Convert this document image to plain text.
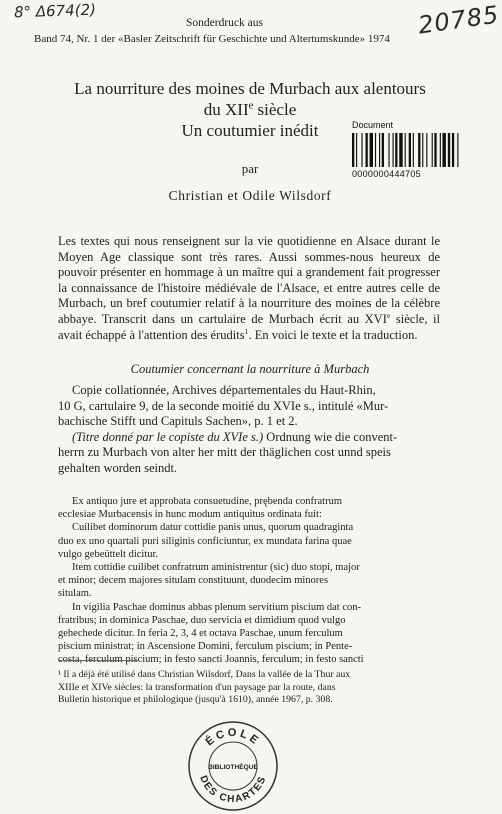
8° Δ674(2)	20785
Sonderdruck aus
Band 74, Nr. 1 der «Basler Zeitschrift für Geschichte und Altertumskunde» 1974
La nourriture des moines de Murbach aux alentours
du XIIe siècle
Un coutumier inédit
par
Christian et Odile Wilsdorf
Document
0000000444705

Les textes qui nous renseignent sur la vie quotidienne en Alsace durant le Moyen Age classique sont très rares. Aussi sommes-nous heureux de pouvoir présenter en hommage à un maître qui a grandement fait progresser la connaissance de l'histoire médiévale de l'Alsace, et entre autres celle de Murbach, un bref coutumier relatif à la nourriture des moines de la célèbre abbaye. Transcrit dans un cartulaire de Murbach écrit au XVIe siècle, il avait échappé à l'attention des érudits$^1$. En voici le texte et la traduction.

Coutumier concernant la nourriture à Murbach
Copie collationnée, Archives départementales du Haut-Rhin,
10 G, cartulaire 9, de la seconde moitié du XVIe s., intitulé «Mur-
bachische Stifft und Capituls Sachen», p. 1 et 2.
(Titre donné par le copiste du XVIe s.) Ordnung wie die convent-
herrn zu Murbach von alter her mitt der thäglichen cost unnd speis
gehalten worden seindt.
Ex antiquo jure et approbata consuetudine, prębenda confratrum
ecclesiae Murbacensis in hunc modum antiquitus ordinata fuit:
Cuilibet dominorum datur cottidie panis unus, quorum quadraginta
duo ex uno quartali puri siliginis conficiuntur, ex mundata farina quae
vulgo gebeüttelt dicitur.
Item cottidie cuilibet confratrum aministrentur (sic) duo stopi, major
et minor; decem majores situlam constituunt, duodecim minores
situlam.
In vigilia Paschae dominus abbas plenum servitium piscium dat con-
fratribus; in dominica Paschae, duo servicia et dimidium quod vulgo
gehechede dicitur. In feria 2, 3, 4 et octava Paschae, unum ferculum
piscium ministrat; in Ascensione Domini, ferculum piscium; in Pente-
costa, ferculum piscium; in festo sancti Joannis, ferculum; in festo sancti
¹ Il a déjà été utilisé dans Christian Wilsdorf, Dans la vallée de la Thur aux
XIIIe et XIVe siècles: la transformation d'un paysage par la route, dans
Bulletin historique et philologique (jusqu'à 1610), année 1967, p. 308.
ÉCOLE
BIBLIOTHÈQUE
DES CHARTES
